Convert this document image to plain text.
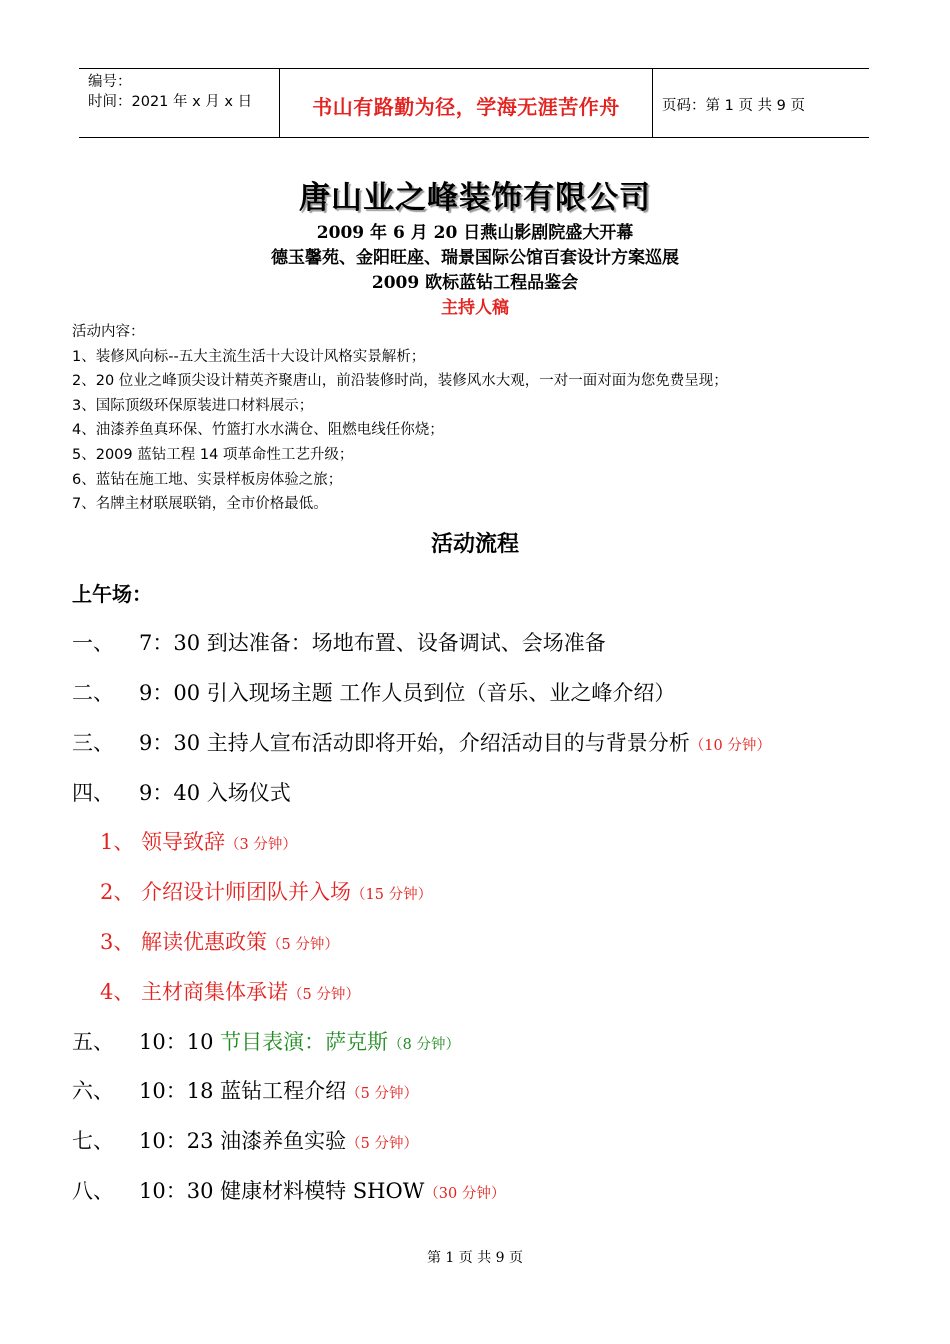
编号：
时间：2021 年 x 月 x 日	书山有路勤为径，学海无涯苦作舟	页码：第 1 页 共 9 页
唐山业之峰装饰有限公司
2009 年 6 月 20 日燕山影剧院盛大开幕
德玉馨苑、金阳旺座、瑞景国际公馆百套设计方案巡展
2009 欧标蓝钻工程品鉴会
主持人稿
活动内容：
1、装修风向标--五大主流生活十大设计风格实景解析；
2、20 位业之峰顶尖设计精英齐聚唐山，前沿装修时尚，装修风水大观，一对一面对面为您免费呈现；
3、国际顶级环保原装进口材料展示；
4、油漆养鱼真环保、竹篮打水水满仓、阻燃电线任你烧；
5、2009 蓝钻工程 14 项革命性工艺升级；
6、蓝钻在施工地、实景样板房体验之旅；
7、名牌主材联展联销，全市价格最低。
活动流程
上午场：
一、 7：30 到达准备：场地布置、设备调试、会场准备
二、 9：00 引入现场主题 工作人员到位（音乐、业之峰介绍）
三、 9：30 主持人宣布活动即将开始，介绍活动目的与背景分析（10 分钟）
四、 9：40 入场仪式
1、 领导致辞（3 分钟）
2、 介绍设计师团队并入场（15 分钟）
3、 解读优惠政策（5 分钟）
4、 主材商集体承诺（5 分钟）
五、 10：10 节目表演：萨克斯（8 分钟）
六、 10：18 蓝钻工程介绍（5 分钟）
七、 10：23 油漆养鱼实验（5 分钟）
八、 10：30 健康材料模特 SHOW（30 分钟）
第 1 页 共 9 页
